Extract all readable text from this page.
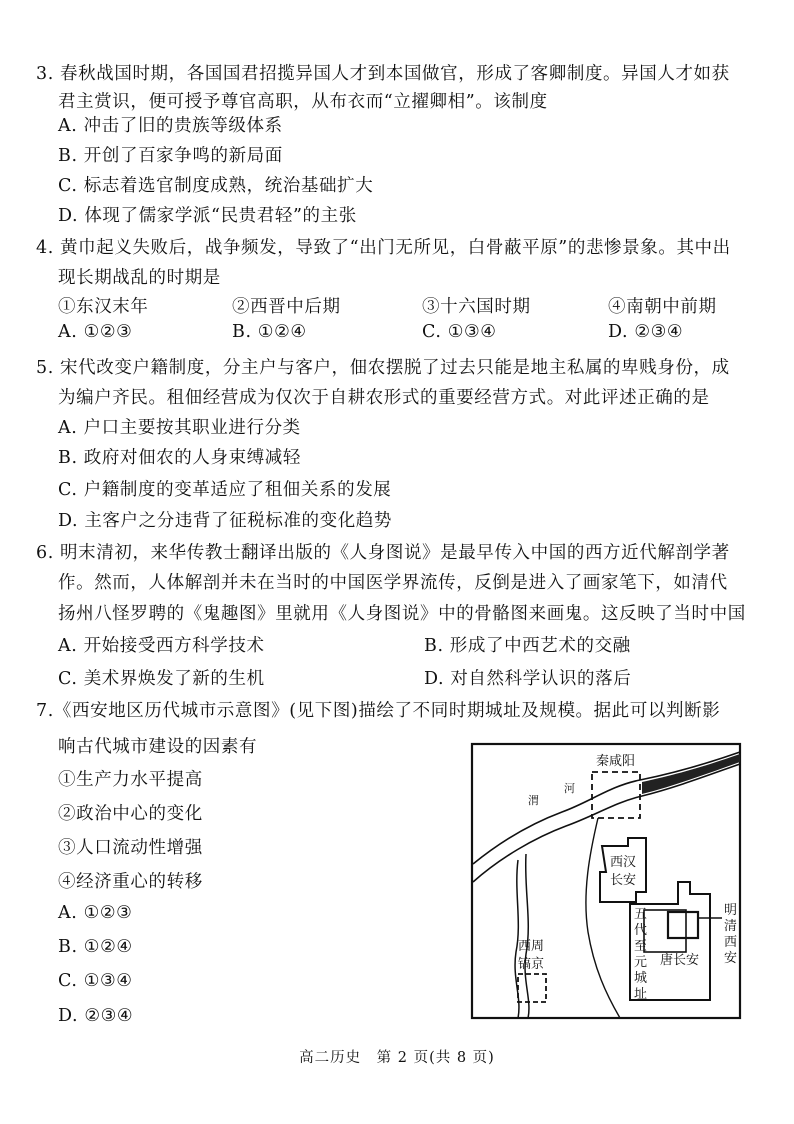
3. 春秋战国时期，各国国君招揽异国人才到本国做官，形成了客卿制度。异国人才如获
君主赏识，便可授予尊官高职，从布衣而“立擢卿相”。该制度
A. 冲击了旧的贵族等级体系
B. 开创了百家争鸣的新局面
C. 标志着选官制度成熟，统治基础扩大
D. 体现了儒家学派“民贵君轻”的主张
4. 黄巾起义失败后，战争频发，导致了“出门无所见，白骨蔽平原”的悲惨景象。其中出
现长期战乱的时期是
①东汉末年	②西晋中后期	③十六国时期	④南朝中前期
A. ①②③	B. ①②④	C. ①③④	D. ②③④
5. 宋代改变户籍制度，分主户与客户，佃农摆脱了过去只能是地主私属的卑贱身份，成
为编户齐民。租佃经营成为仅次于自耕农形式的重要经营方式。对此评述正确的是
A. 户口主要按其职业进行分类
B. 政府对佃农的人身束缚减轻
C. 户籍制度的变革适应了租佃关系的发展
D. 主客户之分违背了征税标准的变化趋势
6. 明末清初，来华传教士翻译出版的《人身图说》是最早传入中国的西方近代解剖学著
作。然而，人体解剖并未在当时的中国医学界流传，反倒是进入了画家笔下，如清代
扬州八怪罗聘的《鬼趣图》里就用《人身图说》中的骨骼图来画鬼。这反映了当时中国
A. 开始接受西方科学技术	B. 形成了中西艺术的交融
C. 美术界焕发了新的生机	D. 对自然科学认识的落后
7.《西安地区历代城市示意图》(见下图)描绘了不同时期城址及规模。据此可以判断影
响古代城市建设的因素有
①生产力水平提高
②政治中心的变化
③人口流动性增强
④经济重心的转移
A. ①②③
B. ①②④
C. ①③④
D. ②③④
秦咸阳
渭
河
西汉
长安
唐长安
五
代
至
元
城
址
明
清
西
安
西周
镐京
高二历史　第 2 页(共 8 页)
